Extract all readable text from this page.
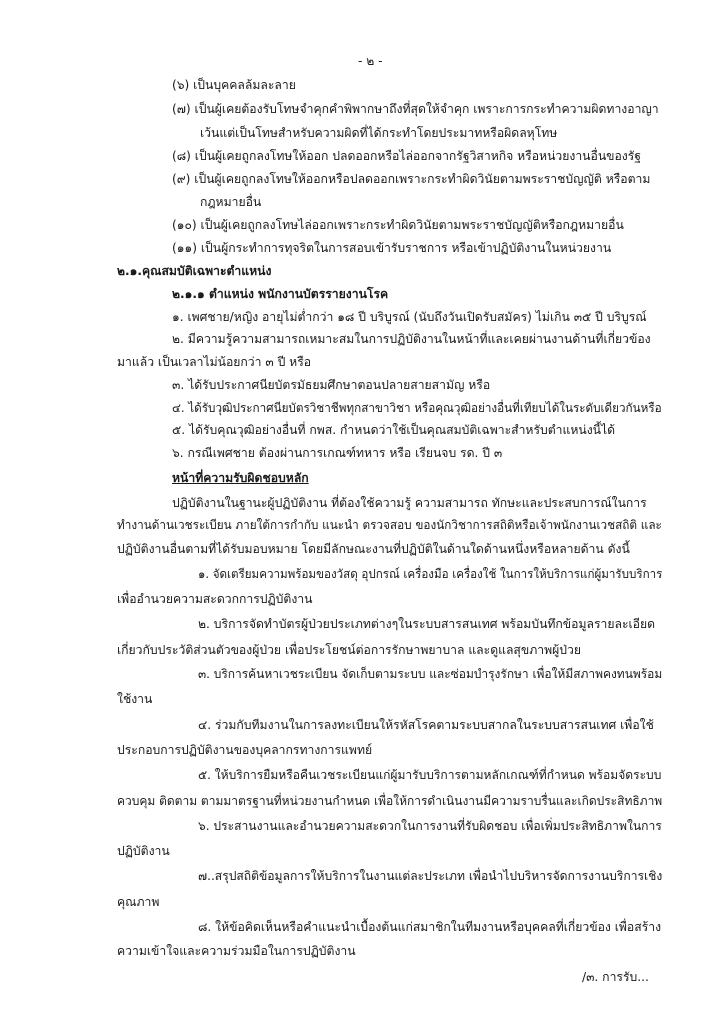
- ๒ -
(๖) เป็นบุคคลล้มละลาย
(๗) เป็นผู้เคยต้องรับโทษจำคุกคำพิพากษาถึงที่สุดให้จำคุก เพราะการกระทำความผิดทางอาญา
เว้นแต่เป็นโทษสำหรับความผิดที่ได้กระทำโดยประมาทหรือผิดลหุโทษ
(๘) เป็นผู้เคยถูกลงโทษให้ออก ปลดออกหรือไล่ออกจากรัฐวิสาหกิจ หรือหน่วยงานอื่นของรัฐ
(๙) เป็นผู้เคยถูกลงโทษให้ออกหรือปลดออกเพราะกระทำผิดวินัยตามพระราชบัญญัติ หรือตาม
กฎหมายอื่น
(๑๐) เป็นผู้เคยถูกลงโทษไล่ออกเพราะกระทำผิดวินัยตามพระราชบัญญัติหรือกฎหมายอื่น
(๑๑) เป็นผู้กระทำการทุจริตในการสอบเข้ารับราชการ หรือเข้าปฏิบัติงานในหน่วยงาน
๒.๑.คุณสมบัติเฉพาะตำแหน่ง
๒.๑.๑ ตำแหน่ง พนักงานบัตรรายงานโรค
๑. เพศชาย/หญิง อายุไม่ต่ำกว่า ๑๘ ปี บริบูรณ์ (นับถึงวันเปิดรับสมัคร) ไม่เกิน ๓๕ ปี บริบูรณ์
๒. มีความรู้ความสามารถเหมาะสมในการปฏิบัติงานในหน้าที่และเคยผ่านงานด้านที่เกี่ยวข้อง
มาแล้ว เป็นเวลาไม่น้อยกว่า ๓ ปี หรือ
๓. ได้รับประกาศนียบัตรมัธยมศึกษาตอนปลายสายสามัญ หรือ
๔. ได้รับวุฒิประกาศนียบัตรวิชาชีพทุกสาขาวิชา หรือคุณวุฒิอย่างอื่นที่เทียบได้ในระดับเดียวกันหรือ
๕. ได้รับคุณวุฒิอย่างอื่นที่ กพส. กำหนดว่าใช้เป็นคุณสมบัติเฉพาะสำหรับตำแหน่งนี้ได้
๖. กรณีเพศชาย ต้องผ่านการเกณฑ์ทหาร หรือ เรียนจบ รด. ปี ๓
หน้าที่ความรับผิดชอบหลัก
ปฏิบัติงานในฐานะผู้ปฏิบัติงาน ที่ต้องใช้ความรู้ ความสามารถ ทักษะและประสบการณ์ในการ
ทำงานด้านเวชระเบียน ภายใต้การกำกับ แนะนำ ตรวจสอบ ของนักวิชาการสถิติหรือเจ้าพนักงานเวชสถิติ และ
ปฏิบัติงานอื่นตามที่ได้รับมอบหมาย โดยมีลักษณะงานที่ปฏิบัติในด้านใดด้านหนึ่งหรือหลายด้าน ดังนี้
๑. จัดเตรียมความพร้อมของวัสดุ อุปกรณ์ เครื่องมือ เครื่องใช้ ในการให้บริการแก่ผู้มารับบริการ
เพื่ออำนวยความสะดวกการปฏิบัติงาน
๒. บริการจัดทำบัตรผู้ป่วยประเภทต่างๆในระบบสารสนเทศ พร้อมบันทึกข้อมูลรายละเอียด
เกี่ยวกับประวัติส่วนตัวของผู้ป่วย เพื่อประโยชน์ต่อการรักษาพยาบาล และดูแลสุขภาพผู้ป่วย
๓. บริการค้นหาเวชระเบียน จัดเก็บตามระบบ และซ่อมบำรุงรักษา เพื่อให้มีสภาพคงทนพร้อม
ใช้งาน
๔. ร่วมกับทีมงานในการลงทะเบียนให้รหัสโรคตามระบบสากลในระบบสารสนเทศ เพื่อใช้
ประกอบการปฏิบัติงานของบุคลากรทางการแพทย์
๕. ให้บริการยืมหรือคืนเวชระเบียนแก่ผู้มารับบริการตามหลักเกณฑ์ที่กำหนด พร้อมจัดระบบ
ควบคุม ติดตาม ตามมาตรฐานที่หน่วยงานกำหนด เพื่อให้การดำเนินงานมีความราบรื่นและเกิดประสิทธิภาพ
๖. ประสานงานและอำนวยความสะดวกในการงานที่รับผิดชอบ เพื่อเพิ่มประสิทธิภาพในการ
ปฏิบัติงาน
๗..สรุปสถิติข้อมูลการให้บริการในงานแต่ละประเภท เพื่อนำไปบริหารจัดการงานบริการเชิง
คุณภาพ
๘. ให้ข้อคิดเห็นหรือคำแนะนำเบื้องต้นแก่สมาชิกในทีมงานหรือบุคคลที่เกี่ยวข้อง เพื่อสร้าง
ความเข้าใจและความร่วมมือในการปฏิบัติงาน
/๓. การรับ...
